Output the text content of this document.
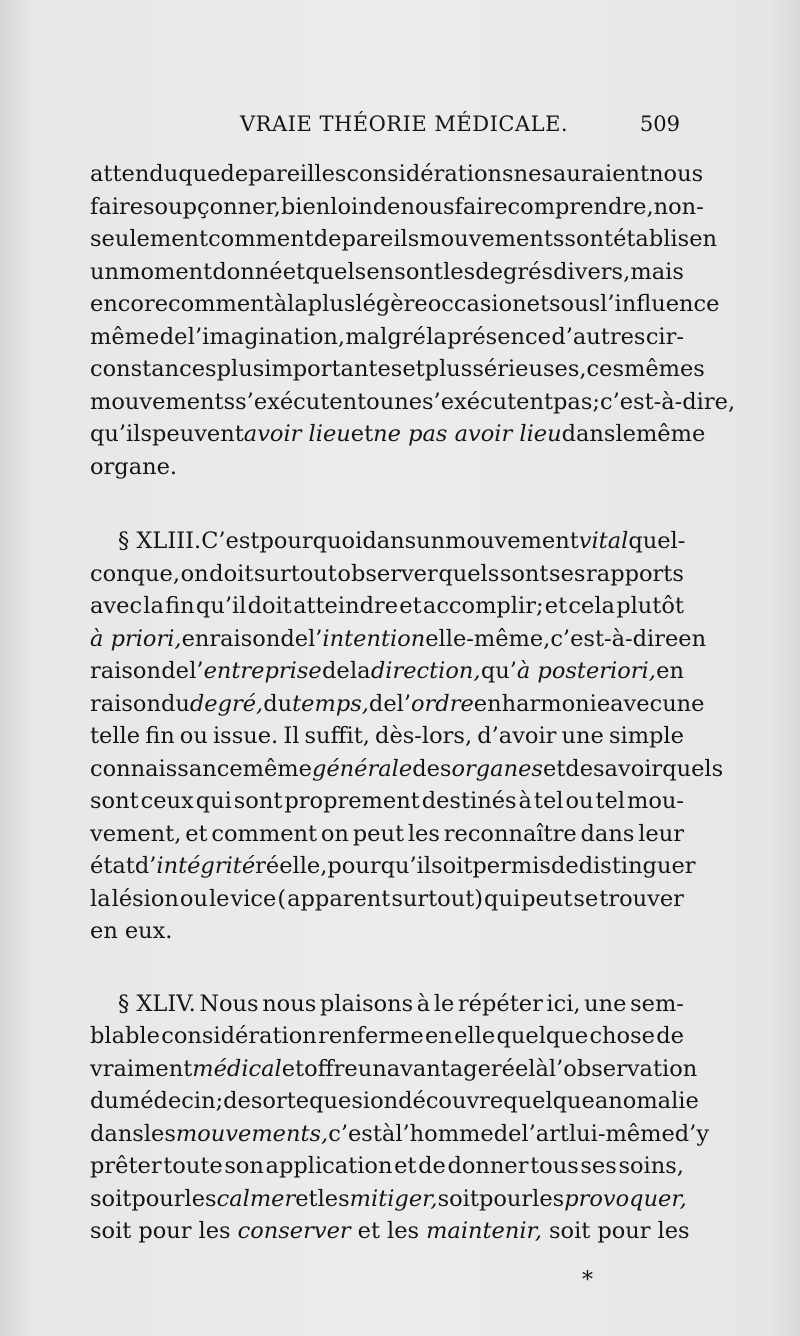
VRAIE THÉORIE MÉDICALE.	509
attendu que de pareilles considérations ne sauraient nous
faire soupçonner, bien loin de nous faire comprendre , non-
seulement comment de pareils mouvements sont établis en
un moment donné et quels en sont les degrés divers, mais
encore comment à la plus légère occasion et sous l’influence
même de l’imagination, malgré la présence d’autres cir-
constances plus importantes et plus sérieuses, ces mêmes
mouvements s’exécutent ou ne s’exécutent pas ; c’est-à-dire,
qu’ils peuvent avoir lieu et ne pas avoir lieu dans le même
organe.
§ XLIII. C’est pourquoi dans un mouvement vital quel-
conque, on doit surtout observer quels sont ses rapports
avec la fin qu’il doit atteindre et accomplir; et cela plutôt
à priori, en raison de l’intention elle-même, c’est-à-dire en
raison de l’entreprise de la direction, qu’à posteriori, en
raison du degré, du temps, de l’ordre en harmonie avec une
telle fin ou issue. Il suffit, dès-lors, d’avoir une simple
connaissance même générale des organes et de savoir quels
sont ceux qui sont proprement destinés à tel ou tel mou-
vement, et comment on peut les reconnaître dans leur
état d’intégrité réelle, pour qu’il soit permis de distinguer
la lésion ou le vice ( apparent surtout) qui peut se trouver
en eux.
§ XLIV. Nous nous plaisons à le répéter ici, une sem-
blable considération renferme en elle quelque chose de
vraiment médical et offre un avantage réel à l’observation
du médecin; de sorte que si on découvre quelque anomalie
dans les mouvements, c’est à l’homme de l’art lui-même d’y
prêter toute son application et de donner tous ses soins,
soit pour les calmer et les mitiger, soit pour les provoquer,
soit pour les conserver et les maintenir, soit pour les
*
